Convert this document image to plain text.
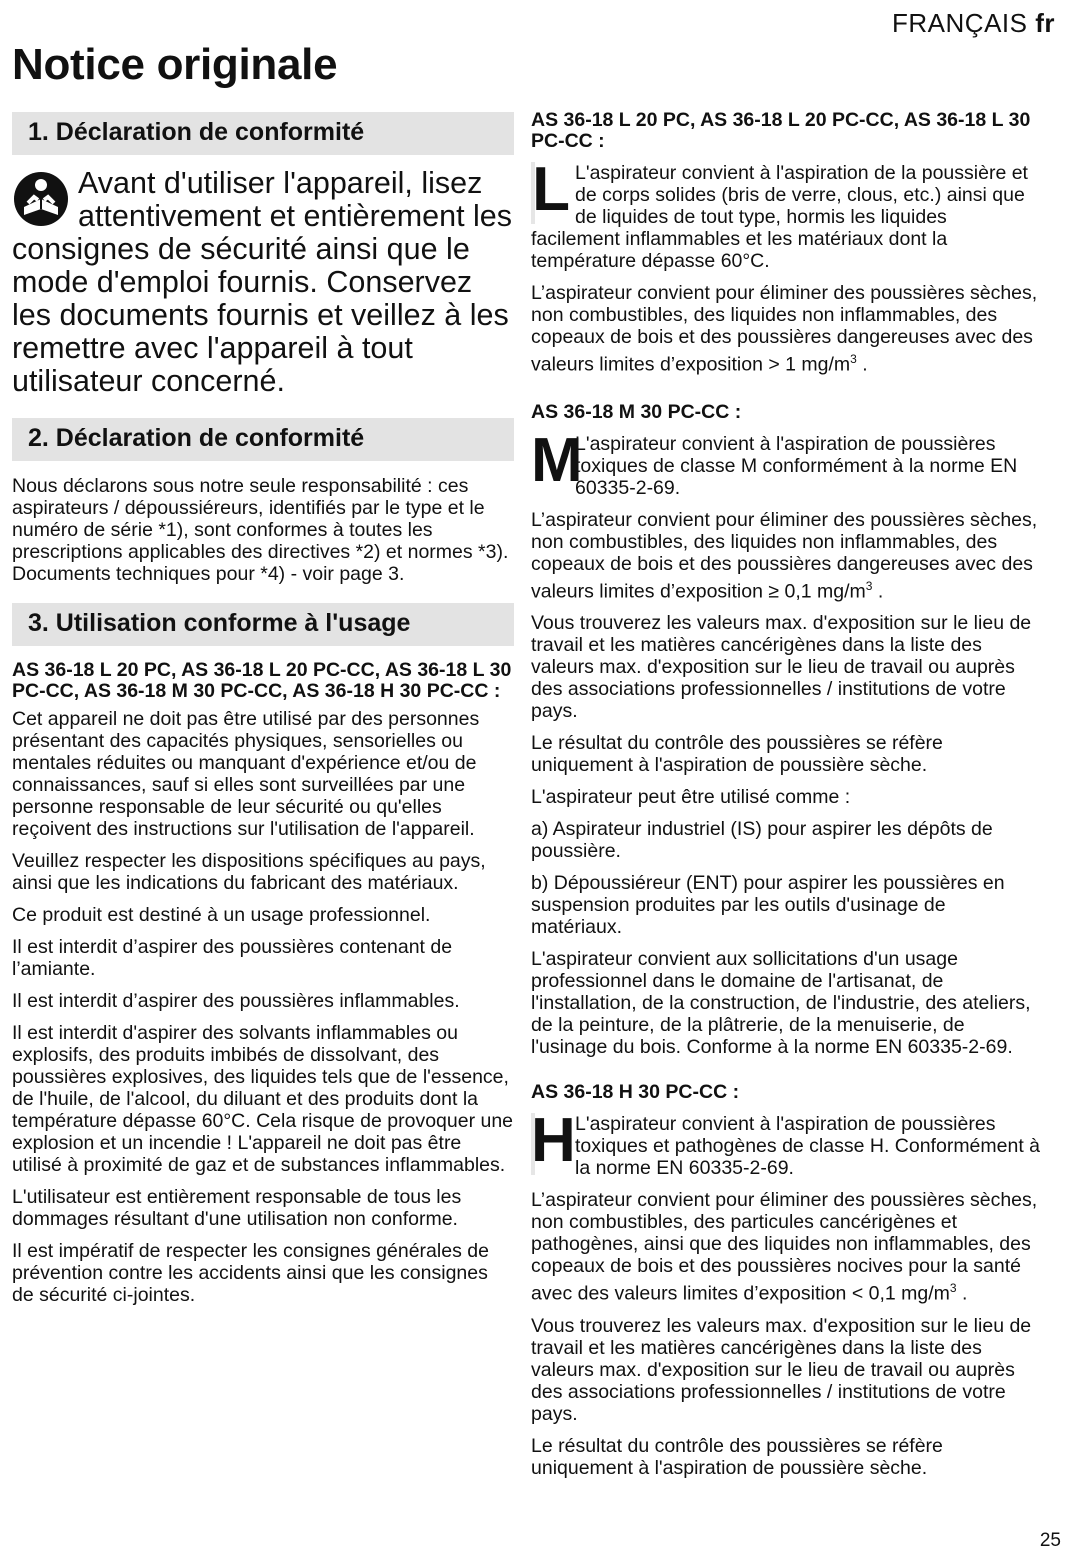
FRANÇAIS fr
Notice originale
1. Déclaration de conformité
Avant d'utiliser l'appareil, lisez attentivement et entièrement les consignes de sécurité ainsi que le mode d'emploi fournis. Conservez les documents fournis et veillez à les remettre avec l'appareil à tout utilisateur concerné.
2. Déclaration de conformité

Nous déclarons sous notre seule responsabilité : ces aspirateurs / dépoussiéreurs, identifiés par le type et le numéro de série *1), sont conformes à toutes les prescriptions applicables des directives *2) et normes *3). Documents techniques pour *4) - voir page 3.

3. Utilisation conforme à l'usage

AS 36-18 L 20 PC, AS 36-18 L 20 PC-CC, AS 36-18 L 30 PC-CC, AS 36-18 M 30 PC-CC, AS 36-18 H 30 PC-CC :

Cet appareil ne doit pas être utilisé par des personnes présentant des capacités physiques, sensorielles ou mentales réduites ou manquant d'expérience et/ou de connaissances, sauf si elles sont surveillées par une personne responsable de leur sécurité ou qu'elles reçoivent des instructions sur l'utilisation de l'appareil.

Veuillez respecter les dispositions spécifiques au pays, ainsi que les indications du fabricant des matériaux.

Ce produit est destiné à un usage professionnel.

Il est interdit d’aspirer des poussières contenant de l’amiante.

Il est interdit d’aspirer des poussières inflammables.

Il est interdit d'aspirer des solvants inflammables ou explosifs, des produits imbibés de dissolvant, des poussières explosives, des liquides tels que de l'essence, de l'huile, de l'alcool, du diluant et des produits dont la température dépasse 60°C. Cela risque de provoquer une explosion et un incendie ! L'appareil ne doit pas être utilisé à proximité de gaz et de substances inflammables.

L'utilisateur est entièrement responsable de tous les dommages résultant d'une utilisation non conforme.

Il est impératif de respecter les consignes générales de prévention contre les accidents ainsi que les consignes de sécurité ci-jointes.

AS 36-18 L 20 PC, AS 36-18 L 20 PC-CC, AS 36-18 L 30 PC-CC :

L L'aspirateur convient à l'aspiration de la poussière et de corps solides (bris de verre, clous, etc.) ainsi que de liquides de tout type, hormis les liquides facilement inflammables et les matériaux dont la température dépasse 60°C.

L’aspirateur convient pour éliminer des poussières sèches, non combustibles, des liquides non inflammables, des copeaux de bois et des poussières dangereuses avec des valeurs limites d’exposition > 1 $mg/m^3$ .

AS 36-18 M 30 PC-CC :

M
L'aspirateur convient à l'aspiration de poussières toxiques de classe M conformément à la norme EN 60335-2-69.

L’aspirateur convient pour éliminer des poussières sèches, non combustibles, des liquides non inflammables, des copeaux de bois et des poussières dangereuses avec des valeurs limites d’exposition ≥ 0,1 $mg/m^3$ .

Vous trouverez les valeurs max. d'exposition sur le lieu de travail et les matières cancérigènes dans la liste des valeurs max. d'exposition sur le lieu de travail ou auprès des associations professionnelles / institutions de votre pays.

Le résultat du contrôle des poussières se réfère uniquement à l'aspiration de poussière sèche.

L'aspirateur peut être utilisé comme :

a) Aspirateur industriel (IS) pour aspirer les dépôts de poussière.

b) Dépoussiéreur (ENT) pour aspirer les poussières en suspension produites par les outils d'usinage de matériaux.

L'aspirateur convient aux sollicitations d'un usage professionnel dans le domaine de l'artisanat, de l'installation, de la construction, de l'industrie, des ateliers, de la peinture, de la plâtrerie, de la menuiserie, de l'usinage du bois. Conforme à la norme EN 60335-2-69.

AS 36-18 H 30 PC-CC :

H L'aspirateur convient à l'aspiration de poussières toxiques et pathogènes de classe H. Conformément à la norme EN 60335-2-69.

L’aspirateur convient pour éliminer des poussières sèches, non combustibles, des particules cancérigènes et pathogènes, ainsi que des liquides non inflammables, des copeaux de bois et des poussières nocives pour la santé avec des valeurs limites d’exposition < 0,1 $mg/m^3$ .

Vous trouverez les valeurs max. d'exposition sur le lieu de travail et les matières cancérigènes dans la liste des valeurs max. d'exposition sur le lieu de travail ou auprès des associations professionnelles / institutions de votre pays.

Le résultat du contrôle des poussières se réfère uniquement à l'aspiration de poussière sèche.

25
